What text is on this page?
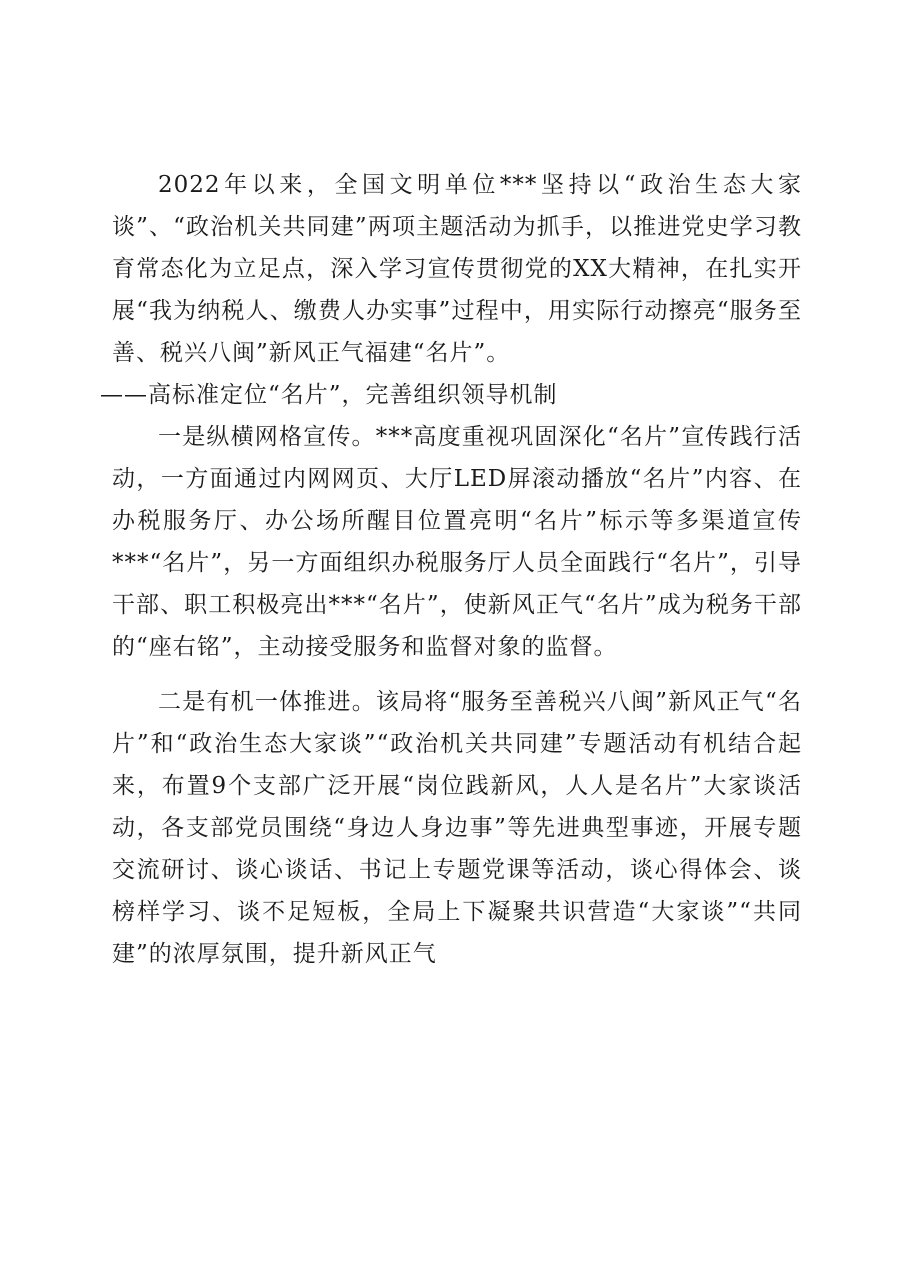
2022年以来，全国文明单位***坚持以“政治生态大家谈”、“政治机关共同建”两项主题活动为抓手，以推进党史学习教育常态化为立足点，深入学习宣传贯彻党的XX大精神，在扎实开展“我为纳税人、缴费人办实事”过程中，用实际行动擦亮“服务至善、税兴八闽”新风正气福建“名片”。

——高标准定位“名片”，完善组织领导机制

一是纵横网格宣传。***高度重视巩固深化“名片”宣传践行活动，一方面通过内网网页、大厅LED屏滚动播放“名片”内容、在办税服务厅、办公场所醒目位置亮明“名片”标示等多渠道宣传***“名片”，另一方面组织办税服务厅人员全面践行“名片”，引导干部、职工积极亮出***“名片”，使新风正气“名片”成为税务干部的“座右铭”，主动接受服务和监督对象的监督。

二是有机一体推进。该局将“服务至善税兴八闽”新风正气“名片”和“政治生态大家谈”“政治机关共同建”专题活动有机结合起来，布置9个支部广泛开展“岗位践新风，人人是名片”大家谈活动，各支部党员围绕“身边人身边事”等先进典型事迹，开展专题交流研讨、谈心谈话、书记上专题党课等活动，谈心得体会、谈榜样学习、谈不足短板，全局上下凝聚共识营造“大家谈”“共同建”的浓厚氛围，提升新风正气
